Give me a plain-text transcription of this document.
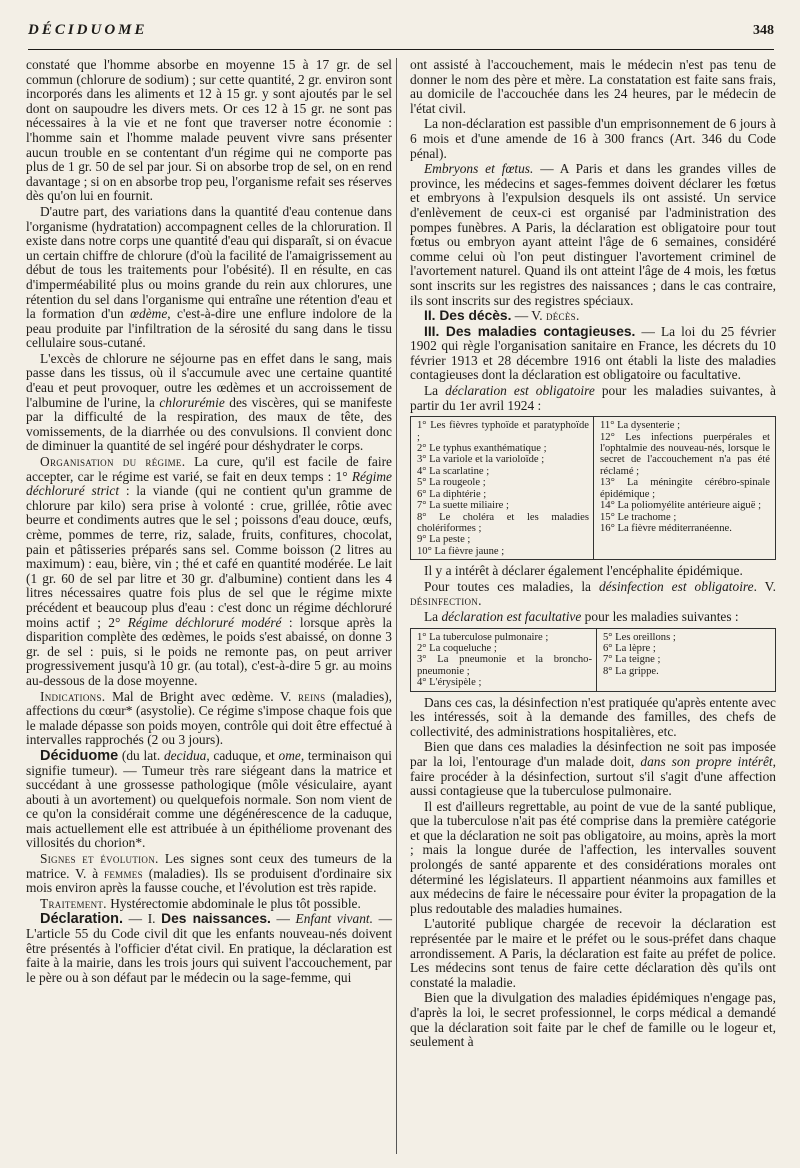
DÉCIDUOME	348

constaté que l'homme absorbe en moyenne 15 à 17 gr. de sel commun (chlorure de sodium) ; sur cette quantité, 2 gr. environ sont incorporés dans les aliments et 12 à 15 gr. y sont ajoutés par le sel dont on saupoudre les divers mets. Or ces 12 à 15 gr. ne sont pas nécessaires à la vie et ne font que traverser notre économie : l'homme sain et l'homme malade peuvent vivre sans présenter aucun trouble en se contentant d'un régime qui ne comporte pas plus de 1 gr. 50 de sel par jour. Si on absorbe trop de sel, on en rend davantage ; si on en absorbe trop peu, l'organisme refait ses réserves dès qu'on lui en fournit.

D'autre part, des variations dans la quantité d'eau contenue dans l'organisme (hydratation) accompagnent celles de la chloruration. Il existe dans notre corps une quantité d'eau qui disparaît, si on évacue un certain chiffre de chlorure (d'où la facilité de l'amaigrissement au début de tous les traitements pour l'obésité). Il en résulte, en cas d'imperméabilité plus ou moins grande du rein aux chlorures, une rétention du sel dans l'organisme qui entraîne une rétention d'eau et la formation d'un œdème, c'est-à-dire une enflure indolore de la peau produite par l'infiltration de la sérosité du sang dans le tissu cellulaire sous-cutané.

L'excès de chlorure ne séjourne pas en effet dans le sang, mais passe dans les tissus, où il s'accumule avec une certaine quantité d'eau et peut provoquer, outre les œdèmes et un accroissement de l'albumine de l'urine, la chlorurémie des viscères, qui se manifeste par la difficulté de la respiration, des maux de tête, des vomissements, de la diarrhée ou des convulsions. Il convient donc de diminuer la quantité de sel ingéré pour déshydrater le corps.

Organisation du régime. La cure, qu'il est facile de faire accepter, car le régime est varié, se fait en deux temps : 1° Régime déchloruré strict : la viande (qui ne contient qu'un gramme de chlorure par kilo) sera prise à volonté : crue, grillée, rôtie avec beurre et condiments autres que le sel ; poissons d'eau douce, œufs, crème, pommes de terre, riz, salade, fruits, confitures, chocolat, pain et pâtisseries préparés sans sel. Comme boisson (2 litres au maximum) : eau, bière, vin ; thé et café en quantité modérée. Le lait (1 gr. 60 de sel par litre et 30 gr. d'albumine) contient dans les 4 litres nécessaires quatre fois plus de sel que le régime mixte précédent et beaucoup plus d'eau : c'est donc un régime déchloruré moins actif ; 2° Régime déchloruré modéré : lorsque après la disparition complète des œdèmes, le poids s'est abaissé, on donne 3 gr. de sel : puis, si le poids ne remonte pas, on peut arriver progressivement jusqu'à 10 gr. (au total), c'est-à-dire 5 gr. au moins au-dessous de la dose moyenne.

Indications. Mal de Bright avec œdème. V. reins (maladies), affections du cœur* (asystolie). Ce régime s'impose chaque fois que le malade dépasse son poids moyen, contrôle qui doit être effectué à intervalles rapprochés (2 ou 3 jours).

Déciduome (du lat. decidua, caduque, et ome, terminaison qui signifie tumeur). — Tumeur très rare siégeant dans la matrice et succédant à une grossesse pathologique (môle vésiculaire, ayant abouti à un avortement) ou quelquefois normale. Son nom vient de ce qu'on la considérait comme une dégénérescence de la caduque, mais actuellement elle est attribuée à un épithéliome provenant des villosités du chorion*.

Signes et évolution. Les signes sont ceux des tumeurs de la matrice. V. à femmes (maladies). Ils se produisent d'ordinaire six mois environ après la fausse couche, et l'évolution est très rapide.

Traitement. Hystérectomie abdominale le plus tôt possible.

Déclaration. — I. Des naissances. — Enfant vivant. — L'article 55 du Code civil dit que les enfants nouveau-nés doivent être présentés à l'officier d'état civil. En pratique, la déclaration est faite à la mairie, dans les trois jours qui suivent l'accouchement, par le père ou à son défaut par le médecin ou la sage-femme, qui

ont assisté à l'accouchement, mais le médecin n'est pas tenu de donner le nom des père et mère. La constatation est faite sans frais, au domicile de l'accouchée dans les 24 heures, par le médecin de l'état civil.

La non-déclaration est passible d'un emprisonnement de 6 jours à 6 mois et d'une amende de 16 à 300 francs (Art. 346 du Code pénal).

Embryons et fœtus. — A Paris et dans les grandes villes de province, les médecins et sages-femmes doivent déclarer les fœtus et embryons à l'expulsion desquels ils ont assisté. Un service d'enlèvement de ceux-ci est organisé par l'administration des pompes funèbres. A Paris, la déclaration est obligatoire pour tout fœtus ou embryon ayant atteint l'âge de 6 semaines, considéré comme celui où l'on peut distinguer l'avortement criminel de l'avortement naturel. Quand ils ont atteint l'âge de 4 mois, les fœtus sont inscrits sur les registres des naissances ; dans le cas contraire, ils sont inscrits sur des registres spéciaux.

II. Des décès. — V. décès.

III. Des maladies contagieuses. — La loi du 25 février 1902 qui règle l'organisation sanitaire en France, les décrets du 10 février 1913 et 28 décembre 1916 ont établi la liste des maladies contagieuses dont la déclaration est obligatoire ou facultative.

La déclaration est obligatoire pour les maladies suivantes, à partir du 1er avril 1924 :

1° Les fièvres typhoïde et paratyphoïde ;
2° Le typhus exanthématique ;
3° La variole et la varioloïde ;
4° La scarlatine ;
5° La rougeole ;
6° La diphtérie ;
7° La suette miliaire ;
8° Le choléra et les maladies cholériformes ;
9° La peste ;
10° La fièvre jaune ;
11° La dysenterie ;
12° Les infections puerpérales et l'ophtalmie des nouveau-nés, lorsque le secret de l'accouchement n'a pas été réclamé ;
13° La méningite cérébro-spinale épidémique ;
14° La poliomyélite antérieure aiguë ;
15° Le trachome ;
16° La fièvre méditerranéenne.

Il y a intérêt à déclarer également l'encéphalite épidémique.

Pour toutes ces maladies, la désinfection est obligatoire. V. désinfection.

La déclaration est facultative pour les maladies suivantes :

1° La tuberculose pulmonaire ;
2° La coqueluche ;
3° La pneumonie et la broncho-pneumonie ;
4° L'érysipèle ;
5° Les oreillons ;
6° La lèpre ;
7° La teigne ;
8° La grippe.

Dans ces cas, la désinfection n'est pratiquée qu'après entente avec les intéressés, soit à la demande des familles, des chefs de collectivité, des administrations hospitalières, etc.

Bien que dans ces maladies la désinfection ne soit pas imposée par la loi, l'entourage d'un malade doit, dans son propre intérêt, faire procéder à la désinfection, surtout s'il s'agit d'une affection aussi contagieuse que la tuberculose pulmonaire.

Il est d'ailleurs regrettable, au point de vue de la santé publique, que la tuberculose n'ait pas été comprise dans la première catégorie et que la déclaration ne soit pas obligatoire, au moins, après la mort ; mais la longue durée de l'affection, les intervalles souvent prolongés de santé apparente et des considérations morales ont déterminé les législateurs. Il appartient néanmoins aux familles et aux médecins de faire le nécessaire pour éviter la propagation de la plus redoutable des maladies humaines.

L'autorité publique chargée de recevoir la déclaration est représentée par le maire et le préfet ou le sous-préfet dans chaque arrondissement. A Paris, la déclaration est faite au préfet de police. Les médecins sont tenus de faire cette déclaration dès qu'ils ont constaté la maladie.

Bien que la divulgation des maladies épidémiques n'engage pas, d'après la loi, le secret professionnel, le corps médical a demandé que la déclaration soit faite par le chef de famille ou le logeur et, seulement à
